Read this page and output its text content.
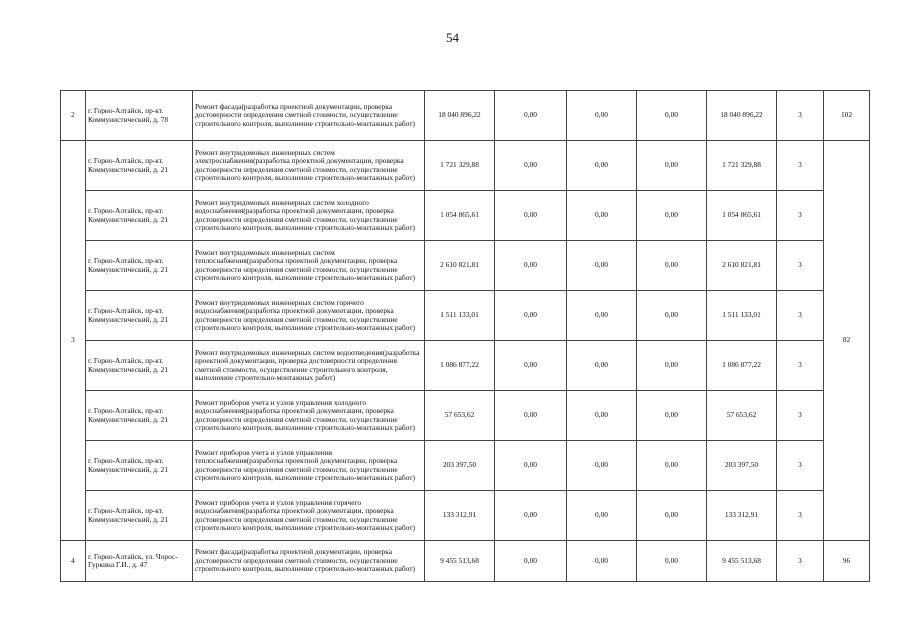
54
2	г. Горно-Алтайск, пр-кт. Коммунистический, д. 78	Ремонт фасада(разработка проектной документации, проверка достоверности определения сметной стоимости, осуществление строительного контроля, выполнение строительно-монтажных работ)	18 040 896,22	0,00	0,00	0,00	18 040 896,22	3	102
3	г. Горно-Алтайск, пр-кт. Коммунистический, д. 21	Ремонт внутридомовых инженерных систем электроснабжения(разработка проектной документации, проверка достоверности определения сметной стоимости, осуществление строительного контроля, выполнение строительно-монтажных работ)	1 721 329,88	0,00	0,00	0,00	1 721 329,88	3	82
	г. Горно-Алтайск, пр-кт. Коммунистический, д. 21	Ремонт внутридомовых инженерных систем холодного водоснабжения(разработка проектной документации, проверка достоверности определения сметной стоимости, осуществление строительного контроля, выполнение строительно-монтажных работ)	1 054 865,61	0,00	0,00	0,00	1 054 865,61	3	
	г. Горно-Алтайск, пр-кт. Коммунистический, д. 21	Ремонт внутридомовых инженерных систем теплоснабжения(разработка проектной документации, проверка достоверности определения сметной стоимости, осуществление строительного контроля, выполнение строительно-монтажных работ)	2 610 821,81	0,00	0,00	0,00	2 610 821,81	3	
	г. Горно-Алтайск, пр-кт. Коммунистический, д. 21	Ремонт внутридомовых инженерных систем горячего водоснабжения(разработка проектной документации, проверка достоверности определения сметной стоимости, осуществление строительного контроля, выполнение строительно-монтажных работ)	1 511 133,01	0,00	0,00	0,00	1 511 133,01	3	
	г. Горно-Алтайск, пр-кт. Коммунистический, д. 21	Ремонт внутридомовых инженерных систем водоотведения(разработка проектной документации, проверка достоверности определения сметной стоимости, осуществление строительного контроля, выполнение строительно-монтажных работ)	1 086 877,22	0,00	0,00	0,00	1 086 877,22	3	
	г. Горно-Алтайск, пр-кт. Коммунистический, д. 21	Ремонт приборов учета и узлов управления холодного водоснабжения(разработка проектной документации, проверка достоверности определения сметной стоимости, осуществление строительного контроля, выполнение строительно-монтажных работ)	57 653,62	0,00	0,00	0,00	57 653,62	3	
	г. Горно-Алтайск, пр-кт. Коммунистический, д. 21	Ремонт приборов учета и узлов управления теплоснабжения(разработка проектной документации, проверка достоверности определения сметной стоимости, осуществление строительного контроля, выполнение строительно-монтажных работ)	203 397,50	0,00	0,00	0,00	203 397,50	3	
	г. Горно-Алтайск, пр-кт. Коммунистический, д. 21	Ремонт приборов учета и узлов управления горячего водоснабжения(разработка проектной документации, проверка достоверности определения сметной стоимости, осуществление строительного контроля, выполнение строительно-монтажных работ)	133 312,91	0,00	0,00	0,00	133 312,91	3	
4	г. Горно-Алтайск, ул. Чорос-Гуркина Г.И., д. 47	Ремонт фасада(разработка проектной документации, проверка достоверности определения сметной стоимости, осуществление строительного контроля, выполнение строительно-монтажных работ)	9 455 513,68	0,00	0,00	0,00	9 455 513,68	3	96
